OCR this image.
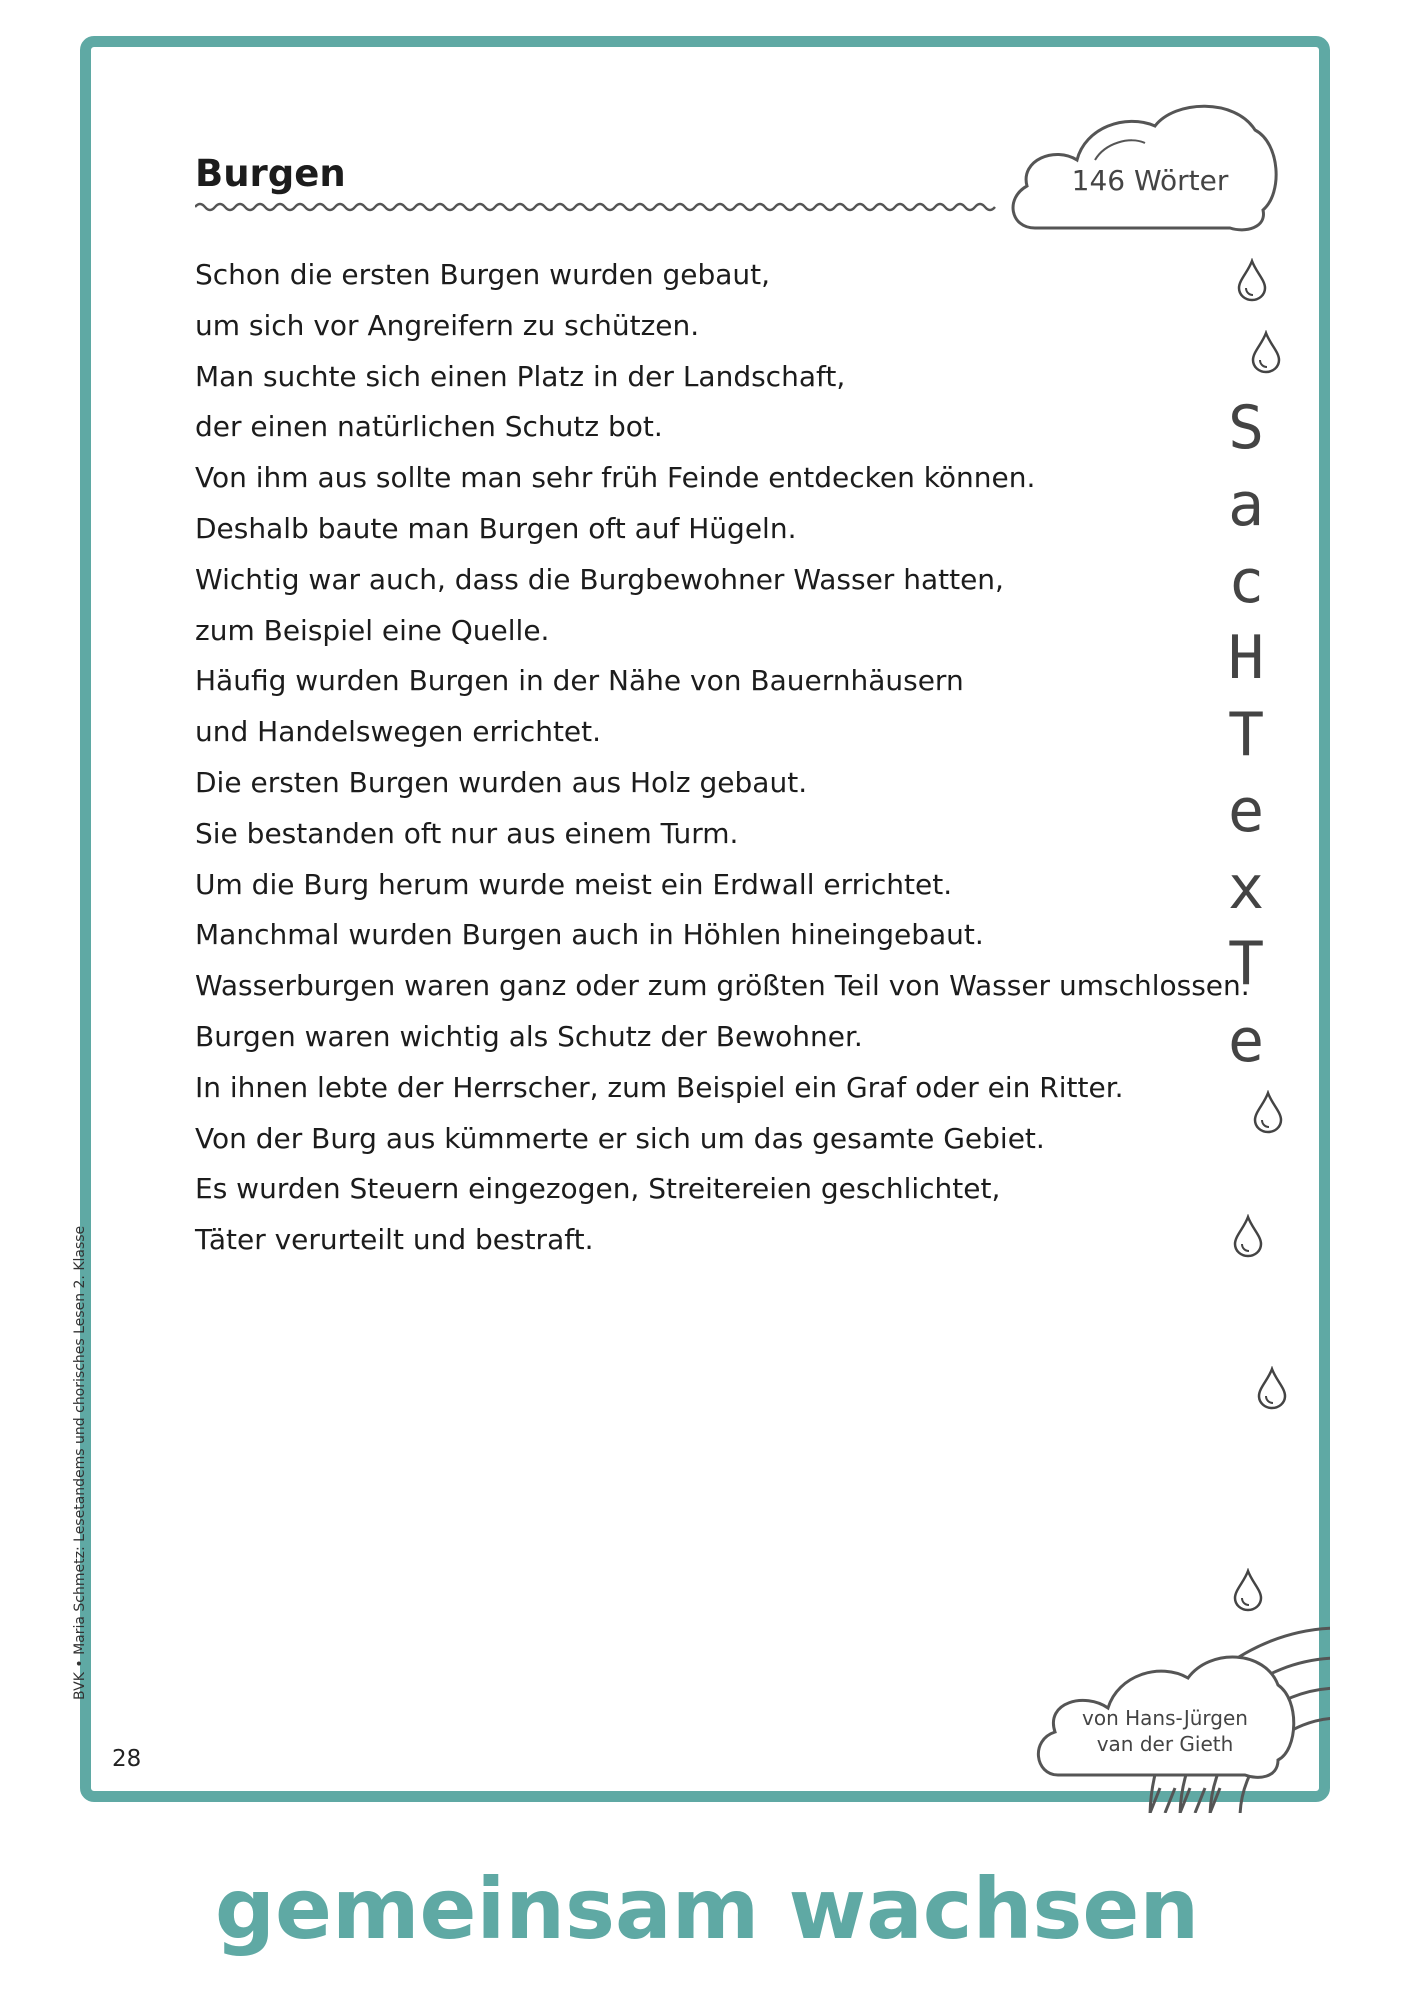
Burgen	146 Wörter
Schon die ersten Burgen wurden gebaut,
um sich vor Angreifern zu schützen.
Man suchte sich einen Platz in der Landschaft,
der einen natürlichen Schutz bot.
Von ihm aus sollte man sehr früh Feinde entdecken können.
Deshalb baute man Burgen oft auf Hügeln.
Wichtig war auch, dass die Burgbewohner Wasser hatten,
zum Beispiel eine Quelle.
Häufig wurden Burgen in der Nähe von Bauernhäusern
und Handelswegen errichtet.
Die ersten Burgen wurden aus Holz gebaut.
Sie bestanden oft nur aus einem Turm.
Um die Burg herum wurde meist ein Erdwall errichtet.
Manchmal wurden Burgen auch in Höhlen hineingebaut.
Wasserburgen waren ganz oder zum größten Teil von Wasser umschlossen.
Burgen waren wichtig als Schutz der Bewohner.
In ihnen lebte der Herrscher, zum Beispiel ein Graf oder ein Ritter.
Von der Burg aus kümmerte er sich um das gesamte Gebiet.
Es wurden Steuern eingezogen, Streitereien geschlichtet,
Täter verurteilt und bestraft.
S
a
c
H
T
e
x
T
e
BVK • Maria Schmetz: Lesetandems und chorisches Lesen 2. Klasse
28
von Hans-Jürgen
van der Gieth
gemeinsam wachsen
